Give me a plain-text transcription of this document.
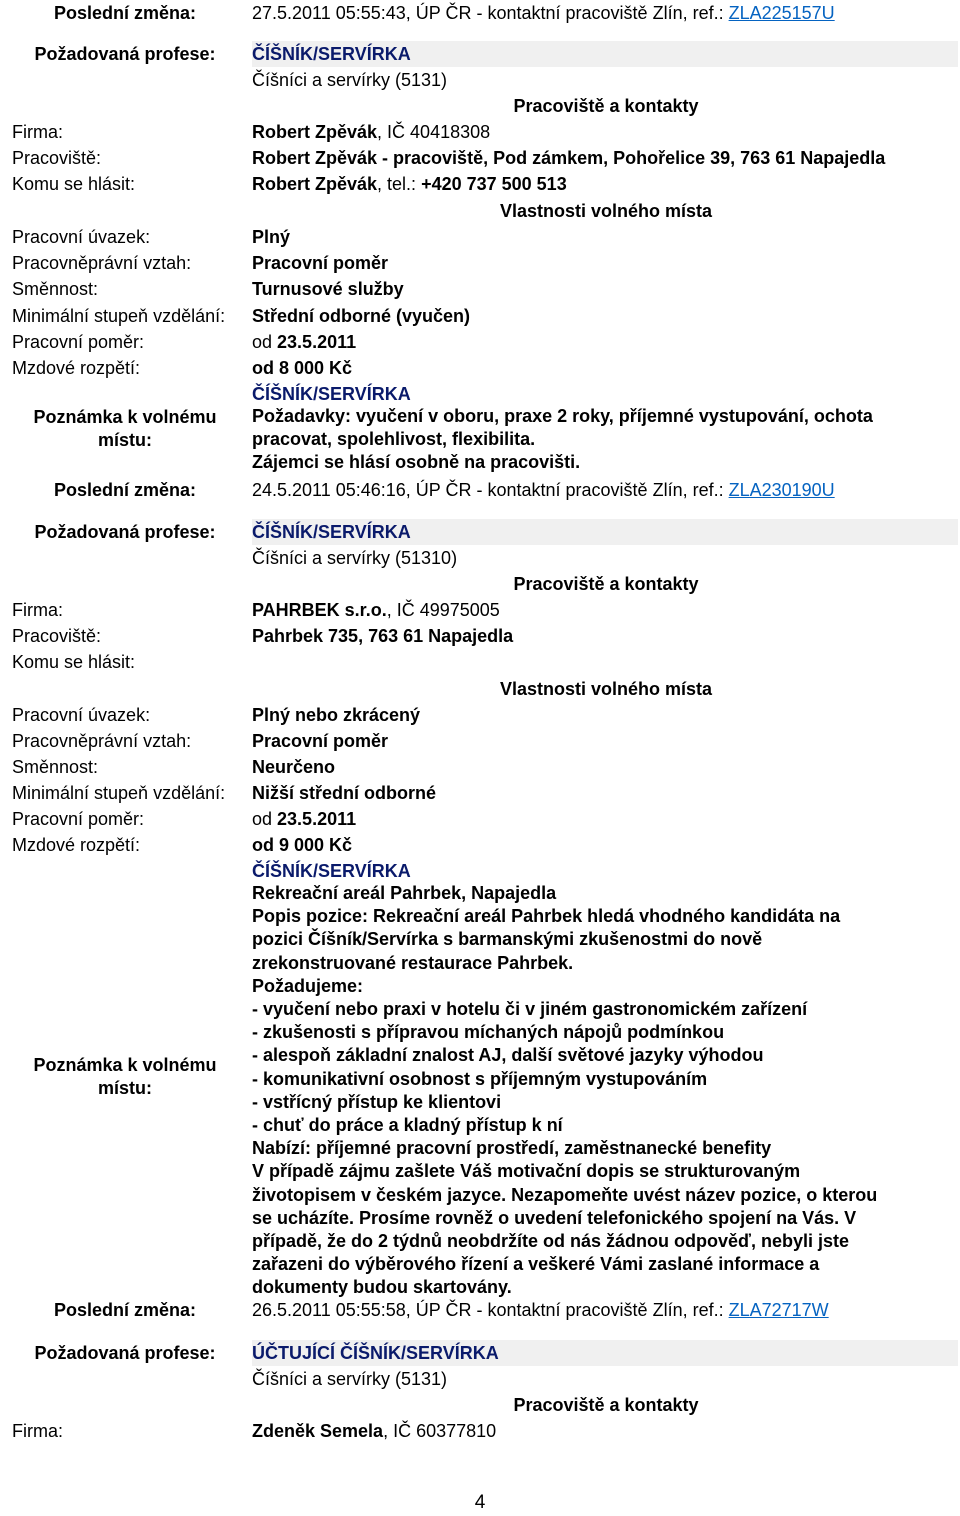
Poslední změna:	27.5.2011 05:55:43, ÚP ČR - kontaktní pracoviště Zlín, ref.: ZLA225157U
Požadovaná profese:	ČÍŠNÍK/SERVÍRKA
Číšníci a servírky (5131)
Pracoviště a kontakty
Firma:	Robert Zpěvák, IČ 40418308
Pracoviště:	Robert Zpěvák - pracoviště, Pod zámkem, Pohořelice 39, 763 61 Napajedla
Komu se hlásit:	Robert Zpěvák, tel.: +420 737 500 513
Vlastnosti volného místa
Pracovní úvazek:	Plný
Pracovněprávní vztah:	Pracovní poměr
Směnnost:	Turnusové služby
Minimální stupeň vzdělání: Střední odborné (vyučen)
Pracovní poměr:	od 23.5.2011
Mzdové rozpětí:	od 8 000 Kč
ČÍŠNÍK/SERVÍRKA
Poznámka k volnému místu:
Požadavky: vyučení v oboru, praxe 2 roky, příjemné vystupování, ochota
pracovat, spolehlivost, flexibilita.
Zájemci se hlásí osobně na pracovišti.
Poslední změna:	24.5.2011 05:46:16, ÚP ČR - kontaktní pracoviště Zlín, ref.: ZLA230190U
Požadovaná profese:	ČÍŠNÍK/SERVÍRKA
Číšníci a servírky (51310)
Pracoviště a kontakty
Firma:	PAHRBEK s.r.o., IČ 49975005
Pracoviště:	Pahrbek 735, 763 61 Napajedla
Komu se hlásit:
Vlastnosti volného místa
Pracovní úvazek:	Plný nebo zkrácený
Pracovněprávní vztah:	Pracovní poměr
Směnnost:	Neurčeno
Minimální stupeň vzdělání: Nižší střední odborné
Pracovní poměr:	od 23.5.2011
Mzdové rozpětí:	od 9 000 Kč
ČÍŠNÍK/SERVÍRKA
Poznámka k volnému místu:
Rekreační areál Pahrbek, Napajedla
Popis pozice: Rekreační areál Pahrbek hledá vhodného kandidáta na
pozici Číšník/Servírka s barmanskými zkušenostmi do nově
zrekonstruované restaurace Pahrbek.
Požadujeme:
- vyučení nebo praxi v hotelu či v jiném gastronomickém zařízení
- zkušenosti s přípravou míchaných nápojů podmínkou
- alespoň základní znalost AJ, další světové jazyky výhodou
- komunikativní osobnost s příjemným vystupováním
- vstřícný přístup ke klientovi
- chuť do práce a kladný přístup k ní
Nabízí: příjemné pracovní prostředí, zaměstnanecké benefity
V případě zájmu zašlete Váš motivační dopis se strukturovaným
životopisem v českém jazyce. Nezapomeňte uvést název pozice, o kterou
se ucházíte. Prosíme rovněž o uvedení telefonického spojení na Vás. V
případě, že do 2 týdnů neobdržíte od nás žádnou odpověď, nebyli jste
zařazeni do výběrového řízení a veškeré Vámi zaslané informace a
dokumenty budou skartovány.
Poslední změna:	26.5.2011 05:55:58, ÚP ČR - kontaktní pracoviště Zlín, ref.: ZLA72717W
Požadovaná profese:	ÚČTUJÍCÍ ČÍŠNÍK/SERVÍRKA
Číšníci a servírky (5131)
Pracoviště a kontakty
Firma:	Zdeněk Semela, IČ 60377810
4
